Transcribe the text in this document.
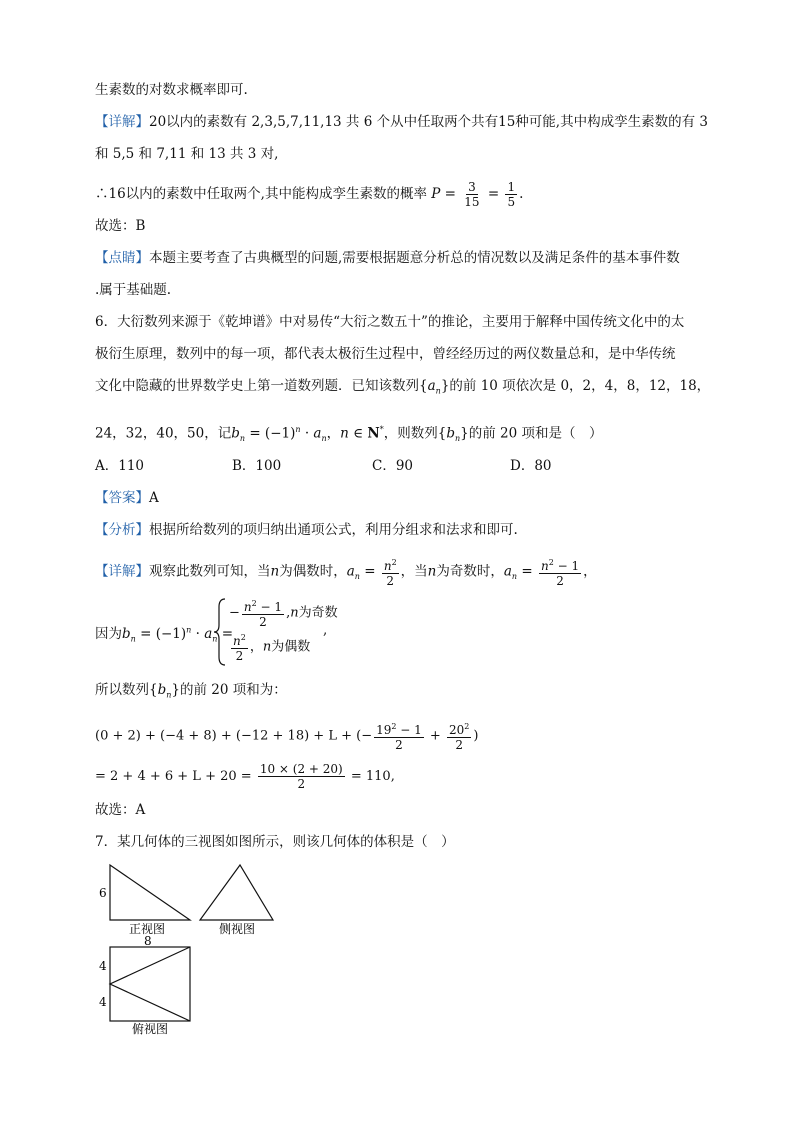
生素数的对数求概率即可.
【详解】20以内的素数有 2,3,5,7,11,13 共 6 个从中任取两个共有15种可能,其中构成孪生素数的有 3
和 5,5 和 7,11 和 13 共 3 对,
∴16以内的素数中任取两个,其中能构成孪生素数的概率 $P = \frac{3}{15} = \frac{1}{5}$ .
故选：B
【点睛】本题主要考查了古典概型的问题,需要根据题意分析总的情况数以及满足条件的基本事件数
.属于基础题.
6．大衍数列来源于《乾坤谱》中对易传“大衍之数五十”的推论，主要用于解释中国传统文化中的太
极衍生原理，数列中的每一项，都代表太极衍生过程中，曾经经历过的两仪数量总和，是中华传统
文化中隐藏的世界数学史上第一道数列题．已知该数列$\{a_n\}$的前 10 项依次是 0，2，4，8，12，18，
24，32，40，50，记$b_n = (-1)^n \cdot a_n$，n ∈ N*，则数列$\{b_n\}$的前 20 项和是（　）
A．110	B．100	C．90	D．80
【答案】A
【分析】根据所给数列的项归纳出通项公式，利用分组求和法求和即可.
【详解】观察此数列可知，当n为偶数时，$a_n = \frac{n^2}{2}$ ，当n为奇数时，$a_n = \frac{n^2 - 1}{2}$ ，
因为$b_n = (-1)^n \cdot a_n$ =
− $\frac{n^2 - 1}{2} ,n$为奇数
$\frac{n^2}{2}$ ，n为偶数
,
所以数列$\{b_n\}$的前 20 项和为：
(0 + 2) + (−4 + 8) + (−12 + 18) + L + (− $\frac{19^2 - 1}{2} + \frac{20^2}{2}$ )
= $2 + 4 + 6 + L + 20 = \frac{10 \times (2 + 20)}{2} = 110$,
故选：A
7．某几何体的三视图如图所示，则该几何体的体积是（　）
6
正视图	侧视图
8
4
4
俯视图
